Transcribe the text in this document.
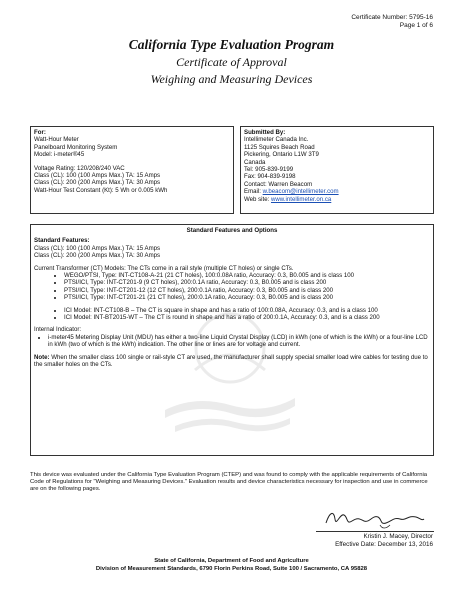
Certificate Number: 5795-16
Page 1 of 6
California Type Evaluation Program
Certificate of Approval
Weighing and Measuring Devices
For:
Watt-Hour Meter
Panelboard Monitoring System
Model: i-meter®45
Voltage Rating: 120/208/240 VAC
Class (CL): 100 (100 Amps Max.) TA: 15 Amps
Class (CL): 200 (200 Amps Max.) TA: 30 Amps
Watt-Hour Test Constant (Kt): 5 Wh or 0.005 kWh
Submitted By:
Intellimeter Canada Inc.
1125 Squires Beach Road
Pickering, Ontario L1W 3T9
Canada
Tel: 905-839-9199
Fax: 904-839-9198
Contact: Warren Beacom
Email: w.beacom@intellimeter.com
Web site: www.intellimeter.on.ca
Standard Features and Options
Standard Features:
Class (CL): 100 (100 Amps Max.) TA: 15 Amps
Class (CL): 200 (200 Amps Max.) TA: 30 Amps
Current Transformer (CT) Models: The CTs come in a rail style (multiple CT holes) or single CTs.
• WEGO/PTSI, Type: INT-CT108-A-21 (21 CT holes), 100:0.08A ratio, Accuracy: 0.3, B0.005 and is class 100
• PTSI/ICI, Type: INT-CT201-9 (9 CT holes), 200:0.1A ratio, Accuracy: 0.3, B0.005 and is class 200
• PTSI/ICI, Type: INT-CT201-12 (12 CT holes), 200:0.1A ratio, Accuracy: 0.3, B0.005 and is class 200
• PTSI/ICI, Type: INT-CT201-21 (21 CT holes), 200:0.1A ratio, Accuracy: 0.3, B0.005 and is class 200
• ICI Model: INT-CT108-B – The CT is square in shape and has a ratio of 100:0.08A, Accuracy: 0.3, and is a class 100
• ICI Model: INT-BT2015-WT – The CT is round in shape and has a ratio of 200:0.1A, Accuracy: 0.3, and is a class 200
Internal Indicator:
• i-meter45 Metering Display Unit (MDU) has either a two-line Liquid Crystal Display (LCD) in kWh (one of which is the kWh) or a four-line LCD in kWh (two of which is the kWh) indication. The other line or lines are for voltage and current.
Note: When the smaller class 100 single or rail-style CT are used, the manufacturer shall supply special smaller load wire cables for testing due to the smaller holes on the CTs.
This device was evaluated under the California Type Evaluation Program (CTEP) and was found to comply with the applicable requirements of California Code of Regulations for "Weighing and Measuring Devices." Evaluation results and device characteristics necessary for inspection and use in commerce are on the following pages.
Kristin J. Macey, Director
Effective Date: December 13, 2016
State of California, Department of Food and Agriculture
Division of Measurement Standards, 6790 Florin Perkins Road, Suite 100 / Sacramento, CA 95828
